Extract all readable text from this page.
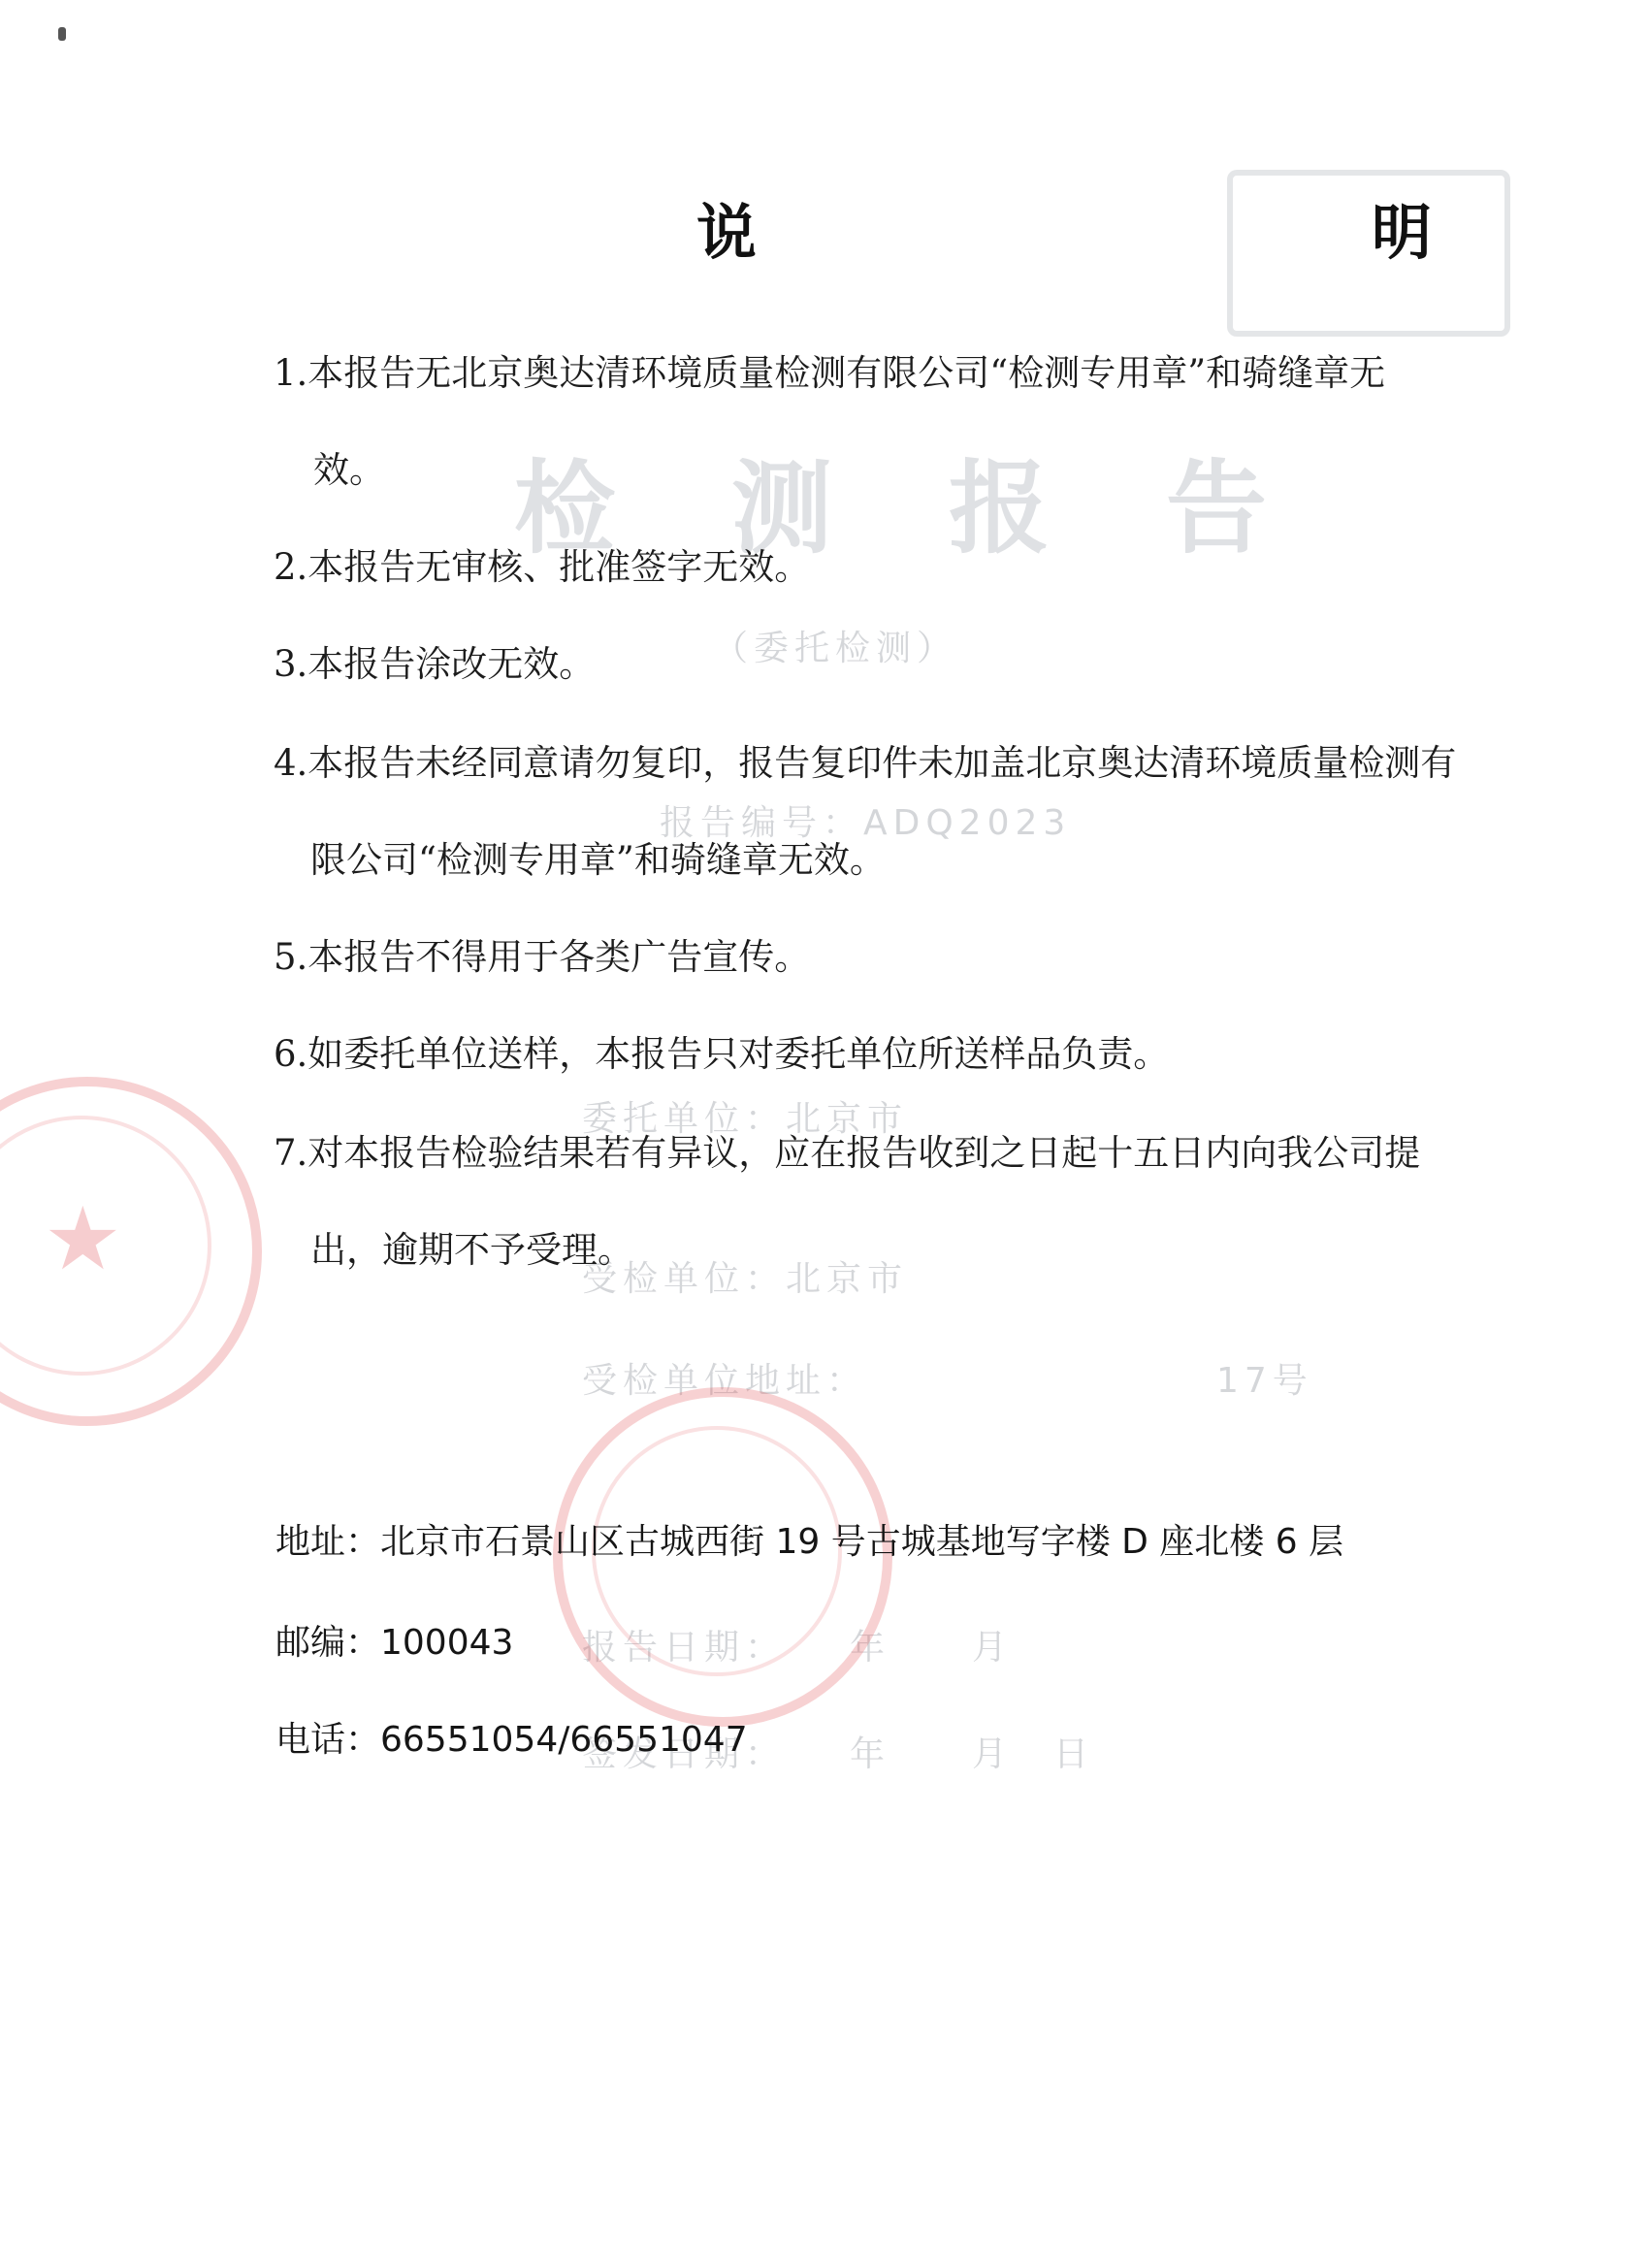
检测报告
（委托检测）
报告编号：ADQ2023
委托单位：北京市
受检单位：北京市
受检单位地址：　　　　　　　　　17号
报告日期：　　年　　月
签发日期：　　年　　月　日
★
说　　明
1.本报告无北京奥达清环境质量检测有限公司“检测专用章”和骑缝章无
效。
2.本报告无审核、批准签字无效。
3.本报告涂改无效。
4.本报告未经同意请勿复印，报告复印件未加盖北京奥达清环境质量检测有
限公司“检测专用章”和骑缝章无效。
5.本报告不得用于各类广告宣传。
6.如委托单位送样，本报告只对委托单位所送样品负责。
7.对本报告检验结果若有异议，应在报告收到之日起十五日内向我公司提
出，逾期不予受理。
地址：北京市石景山区古城西街 19 号古城基地写字楼 D 座北楼 6 层
邮编：100043
电话：66551054/66551047
